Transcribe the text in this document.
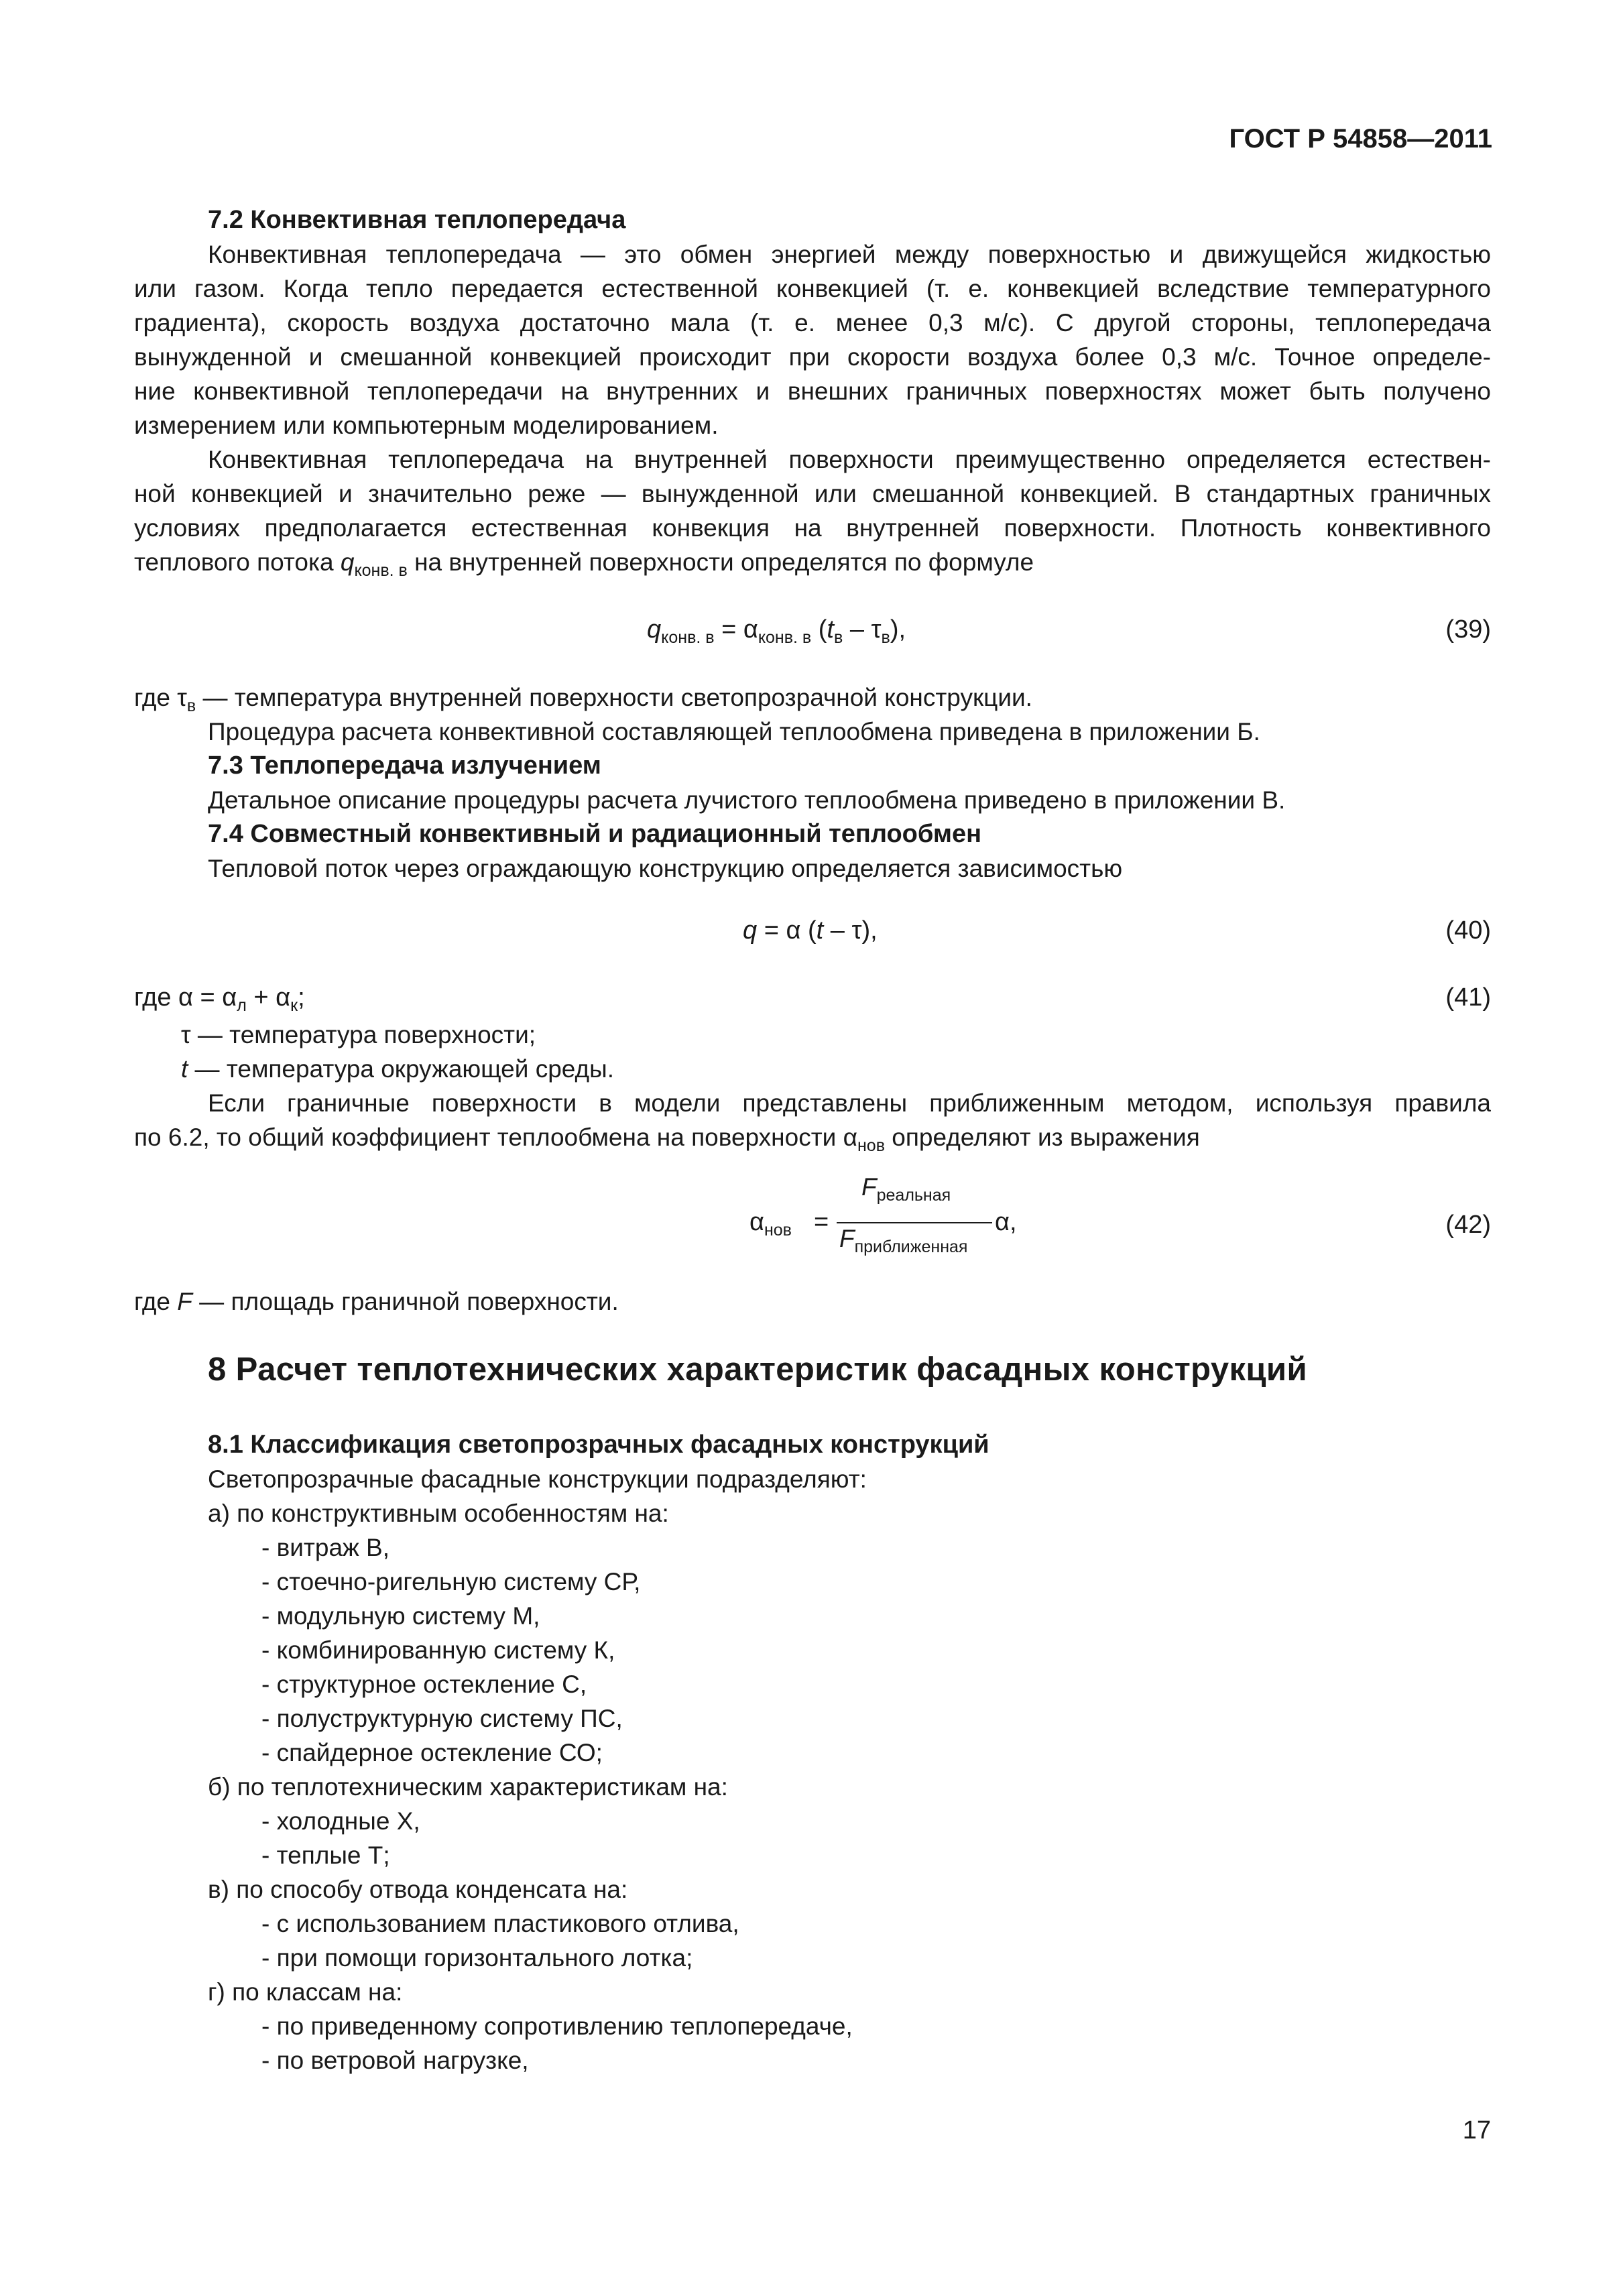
ГОСТ Р 54858—2011
7.2 Конвективная теплопередача
Конвективная теплопередача — это обмен энергией между поверхностью и движущейся жидкостью
или газом. Когда тепло передается естественной конвекцией (т. е. конвекцией вследствие температурного
градиента), скорость воздуха достаточно мала (т. е. менее 0,3 м/с). С другой стороны, теплопередача
вынужденной и смешанной конвекцией происходит при скорости воздуха более 0,3 м/с. Точное определе-
ние конвективной теплопередачи на внутренних и внешних граничных поверхностях может быть получено
измерением или компьютерным моделированием.
Конвективная теплопередача на внутренней поверхности преимущественно определяется естествен-
ной конвекцией и значительно реже — вынужденной или смешанной конвекцией. В стандартных граничных
условиях предполагается естественная конвекция на внутренней поверхности. Плотность конвективного
теплового потока $q_{конв. в}$ на внутренней поверхности определятся по формуле
$q_{конв. в} = \alpha_{конв. в}$ $(t_в - \tau_в)$,	(39)
где $\tau_в$ — температура внутренней поверхности светопрозрачной конструкции.
Процедура расчета конвективной составляющей теплообмена приведена в приложении Б.
7.3 Теплопередача излучением
Детальное описание процедуры расчета лучистого теплообмена приведено в приложении В.
7.4 Совместный конвективный и радиационный теплообмен
Тепловой поток через ограждающую конструкцию определяется зависимостью
q = α (t – τ),	(40)
где $\alpha = \alpha_л + \alpha_к$;	(41)
τ — температура поверхности;
t — температура окружающей среды.
Если граничные поверхности в модели представлены приближенным методом, используя правила
по 6.2, то общий коэффициент теплообмена на поверхности $\alpha_{нов}$ определяют из выражения
$\alpha_{нов}$ =
$F_{реальная}$
$F_{приближенная}$
α,	(42)
где F — площадь граничной поверхности.
8 Расчет теплотехнических характеристик фасадных конструкций
8.1 Классификация светопрозрачных фасадных конструкций
Светопрозрачные фасадные конструкции подразделяют:
а) по конструктивным особенностям на:
- витраж В,
- стоечно-ригельную систему СР,
- модульную систему М,
- комбинированную систему К,
- структурное остекление С,
- полуструктурную систему ПС,
- спайдерное остекление СО;
б) по теплотехническим характеристикам на:
- холодные Х,
- теплые Т;
в) по способу отвода конденсата на:
- с использованием пластикового отлива,
- при помощи горизонтального лотка;
г) по классам на:
- по приведенному сопротивлению теплопередаче,
- по ветровой нагрузке,
17
